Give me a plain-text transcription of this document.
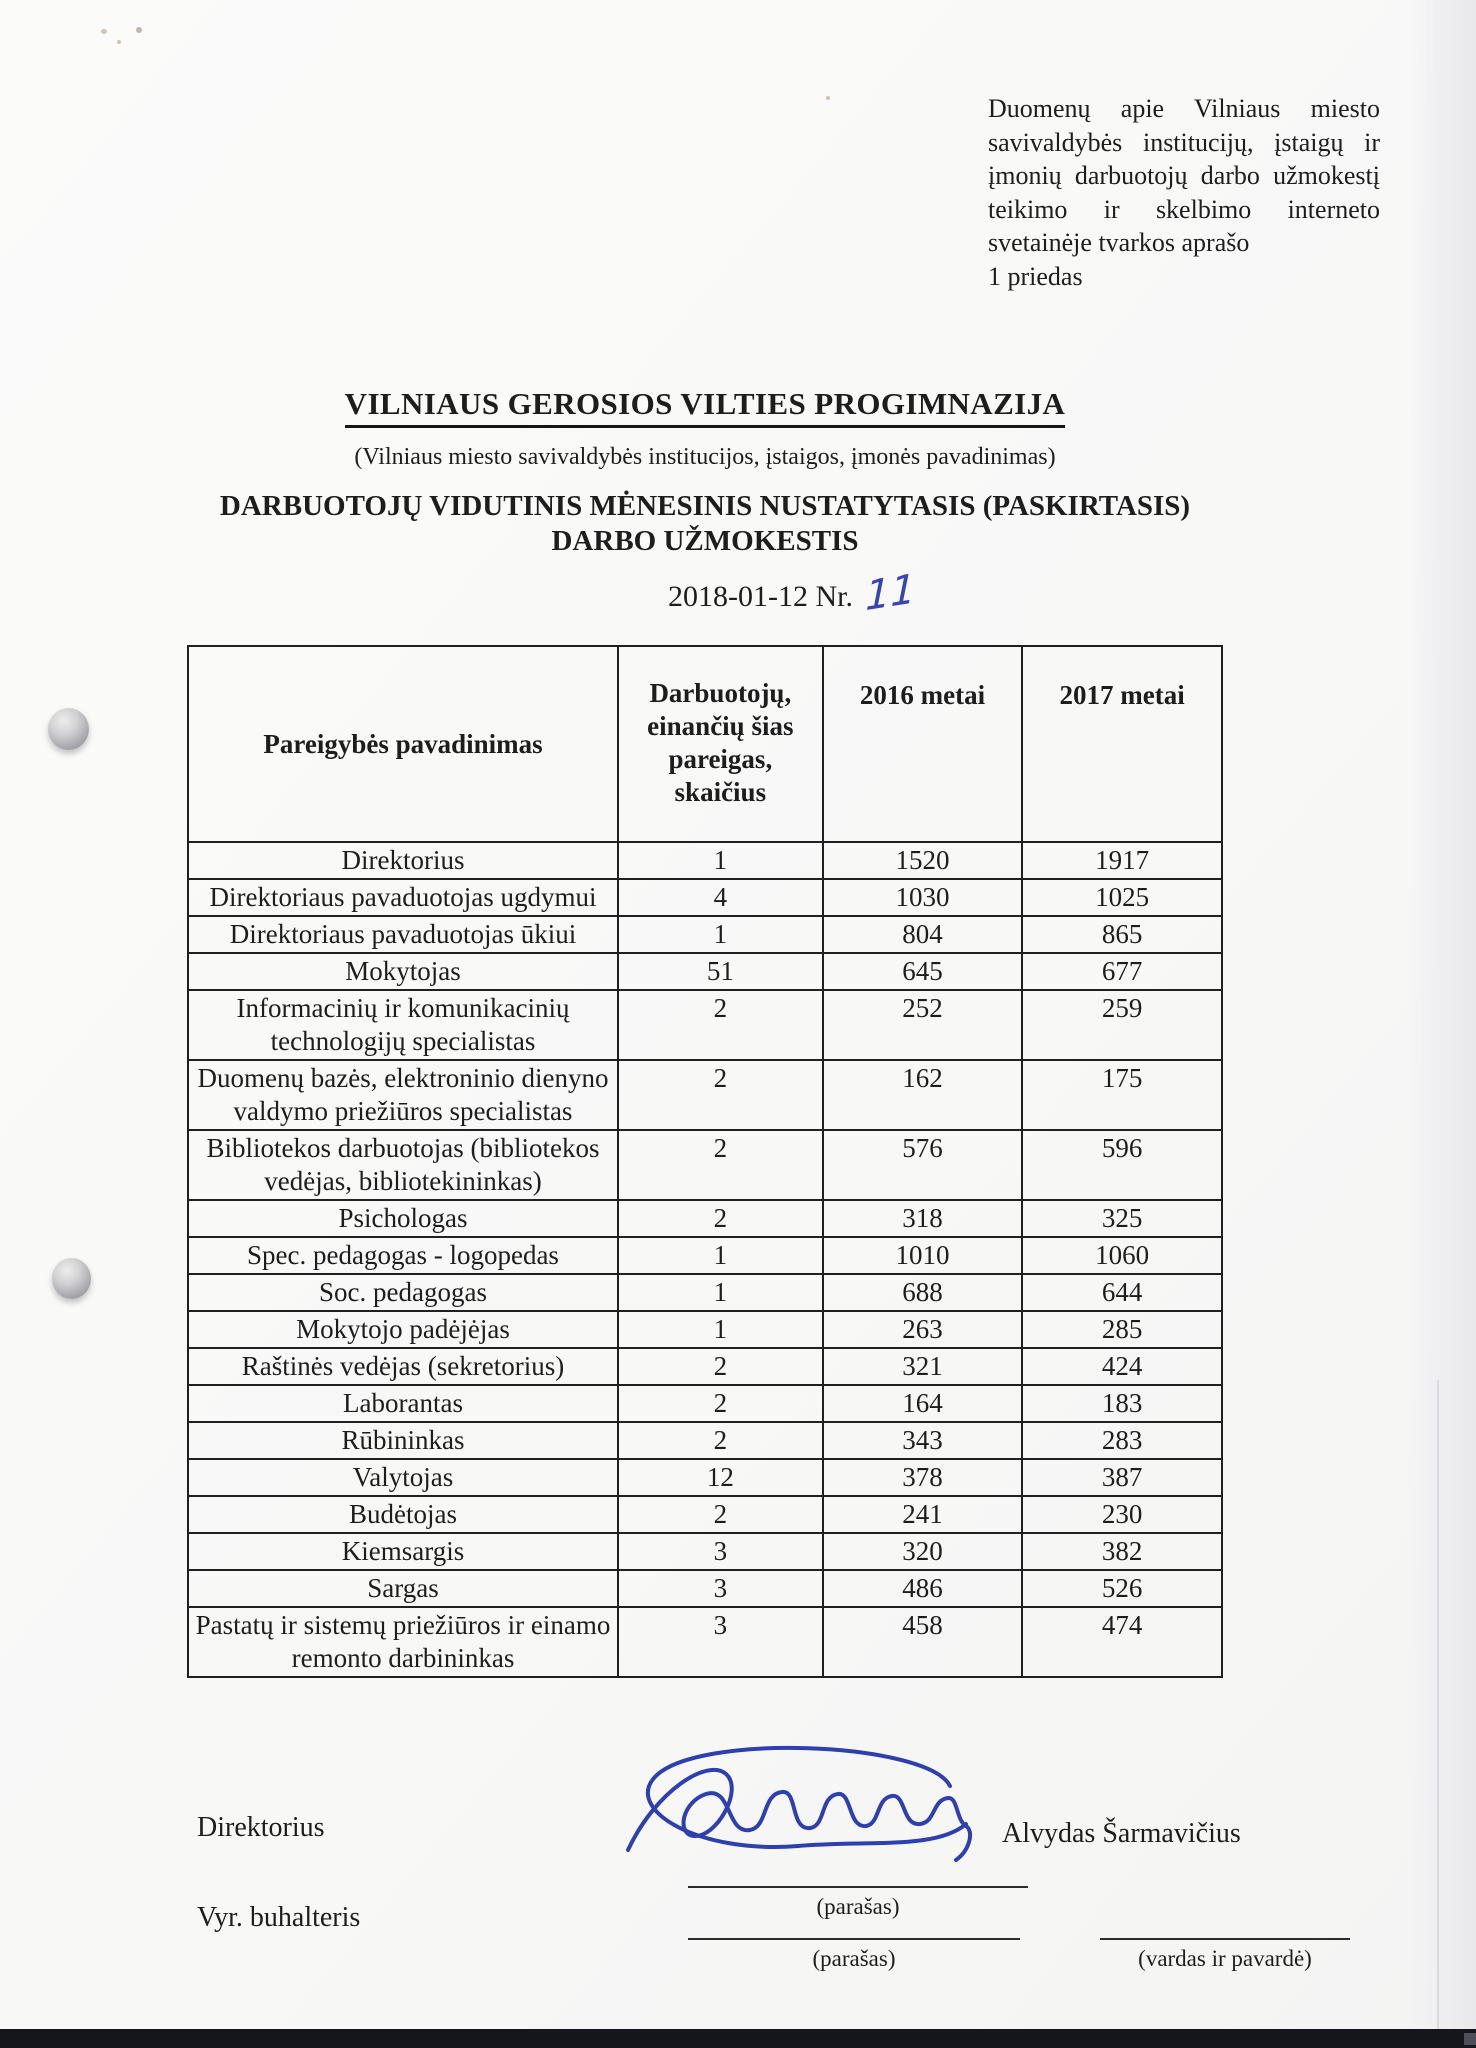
Duomenų apie Vilniaus miesto savivaldybės institucijų, įstaigų ir įmonių darbuotojų darbo užmokestį teikimo ir skelbimo interneto svetainėje tvarkos aprašo
1 priedas
VILNIAUS GEROSIOS VILTIES PROGIMNAZIJA
(Vilniaus miesto savivaldybės institucijos, įstaigos, įmonės pavadinimas)
DARBUOTOJŲ VIDUTINIS MĖNESINIS NUSTATYTASIS (PASKIRTASIS) DARBO UŽMOKESTIS
2018-01-12 Nr. 11
Pareigybės pavadinimas	Darbuotojų, einančių šias pareigas, skaičius	2016 metai	2017 metai
Direktorius	1	1520	1917
Direktoriaus pavaduotojas ugdymui	4	1030	1025
Direktoriaus pavaduotojas ūkiui	1	804	865
Mokytojas	51	645	677
Informacinių ir komunikacinių technologijų specialistas	2	252	259
Duomenų bazės, elektroninio dienyno valdymo priežiūros specialistas	2	162	175
Bibliotekos darbuotojas (bibliotekos vedėjas, bibliotekininkas)	2	576	596
Psichologas	2	318	325
Spec. pedagogas - logopedas	1	1010	1060
Soc. pedagogas	1	688	644
Mokytojo padėjėjas	1	263	285
Raštinės vedėjas (sekretorius)	2	321	424
Laborantas	2	164	183
Rūbininkas	2	343	283
Valytojas	12	378	387
Budėtojas	2	241	230
Kiemsargis	3	320	382
Sargas	3	486	526
Pastatų ir sistemų priežiūros ir einamo remonto darbininkas	3	458	474
Direktorius
(parašas)
Alvydas Šarmavičius
Vyr. buhalteris
(parašas)	(vardas ir pavardė)
